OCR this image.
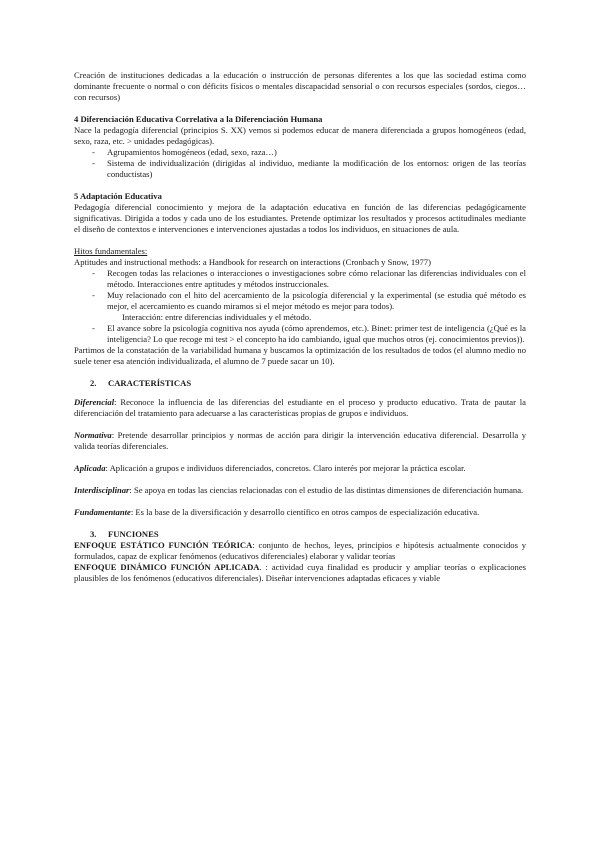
Creación de instituciones dedicadas a la educación o instrucción de personas diferentes a los que las sociedad estima como dominante frecuente o normal o con déficits físicos o mentales discapacidad sensorial o con recursos especiales (sordos, ciegos… con recursos)

4 Diferenciación Educativa Correlativa a la Diferenciación Humana

Nace la pedagogía diferencial (principios S. XX) vemos si podemos educar de manera diferenciada a grupos homogéneos (edad, sexo, raza, etc. > unidades pedagógicas).

- Agrupamientos homogéneos (edad, sexo, raza…)
- Sistema de individualización (dirigidas al individuo, mediante la modificación de los entornos: origen de las teorías conductistas)

5 Adaptación Educativa

Pedagogía diferencial conocimiento y mejora de la adaptación educativa en función de las diferencias pedagógicamente significativas. Dirigida a todos y cada uno de los estudiantes. Pretende optimizar los resultados y procesos actitudinales mediante el diseño de contextos e intervenciones e intervenciones ajustadas a todos los individuos, en situaciones de aula.

Hitos fundamentales:

Aptitudes and instructional methods: a Handbook for research on interactions (Cronbach y Snow, 1977)

- Recogen todas las relaciones o interacciones o investigaciones sobre cómo relacionar las diferencias individuales con el método. Interacciones entre aptitudes y métodos instruccionales.
- Muy relacionado con el hito del acercamiento de la psicología diferencial y la experimental (se estudia qué método es mejor, el acercamiento es cuando miramos si el mejor método es mejor para todos).

Interacción: entre diferencias individuales y el método.

- El avance sobre la psicología cognitiva nos ayuda (cómo aprendemos, etc.). Binet: primer test de inteligencia (¿Qué es la inteligencia? Lo que recoge mi test > el concepto ha ido cambiando, igual que muchos otros (ej. conocimientos previos)).

Partimos de la constatación de la variabilidad humana y buscamos la optimización de los resultados de todos (el alumno medio no suele tener esa atención individualizada, el alumno de 7 puede sacar un 10).

2. CARACTERÍSTICAS

Diferencial: Reconoce la influencia de las diferencias del estudiante en el proceso y producto educativo. Trata de pautar la diferenciación del tratamiento para adecuarse a las características propias de grupos e individuos.

Normativa: Pretende desarrollar principios y normas de acción para dirigir la intervención educativa diferencial. Desarrolla y valida teorías diferenciales.

Aplicada: Aplicación a grupos e individuos diferenciados, concretos. Claro interés por mejorar la práctica escolar.

Interdisciplinar: Se apoya en todas las ciencias relacionadas con el estudio de las distintas dimensiones de diferenciación humana.

Fundamentante: Es la base de la diversificación y desarrollo científico en otros campos de especialización educativa.

3. FUNCIONES

ENFOQUE ESTÁTICO FUNCIÓN TEÓRICA: conjunto de hechos, leyes, principios e hipótesis actualmente conocidos y formulados, capaz de explicar fenómenos (educativos diferenciales) elaborar y validar teorías

ENFOQUE DINÁMICO FUNCIÓN APLICADA. : actividad cuya finalidad es producir y ampliar teorías o explicaciones plausibles de los fenómenos (educativos diferenciales). Diseñar intervenciones adaptadas eficaces y viable
